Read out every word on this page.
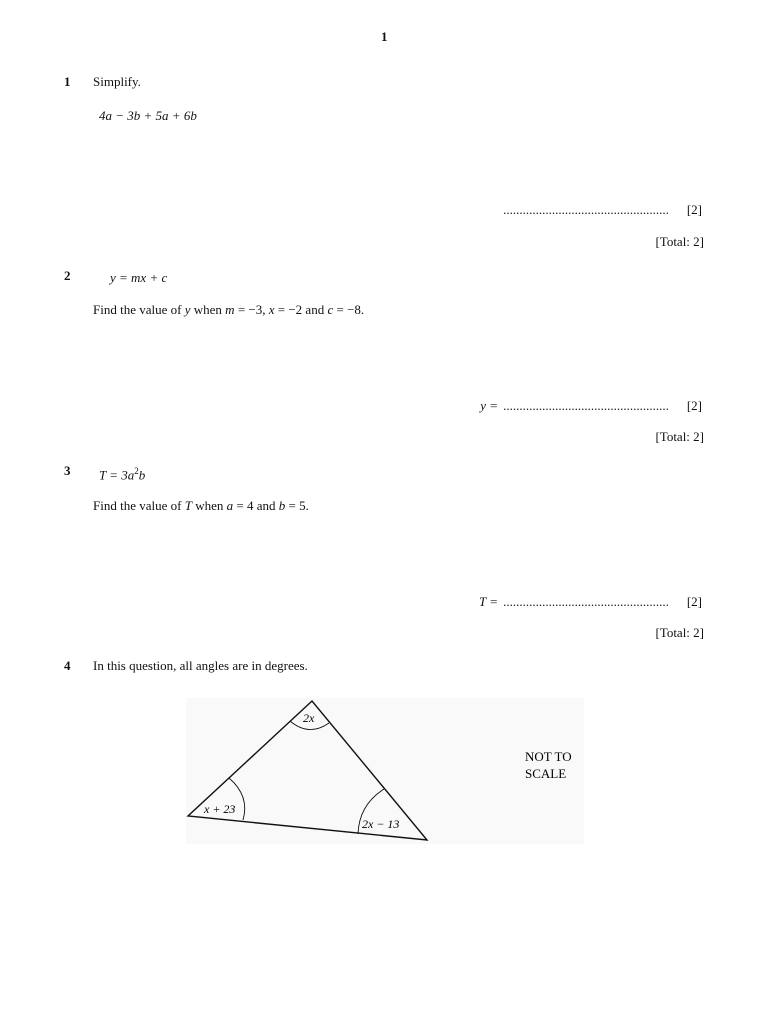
1
1 Simplify.
4a − 3b + 5a + 6b
................................................... [2]
[Total: 2]
2	y = mx + c
Find the value of y when m = −3, x = −2 and c = −8.
y = ................................................... [2]
[Total: 2]
3 $T = 3a^2b$
Find the value of T when a = 4 and b = 5.
T = ................................................... [2]
[Total: 2]
4 In this question, all angles are in degrees.
2x
x + 23
2x − 13
NOT TO
SCALE
